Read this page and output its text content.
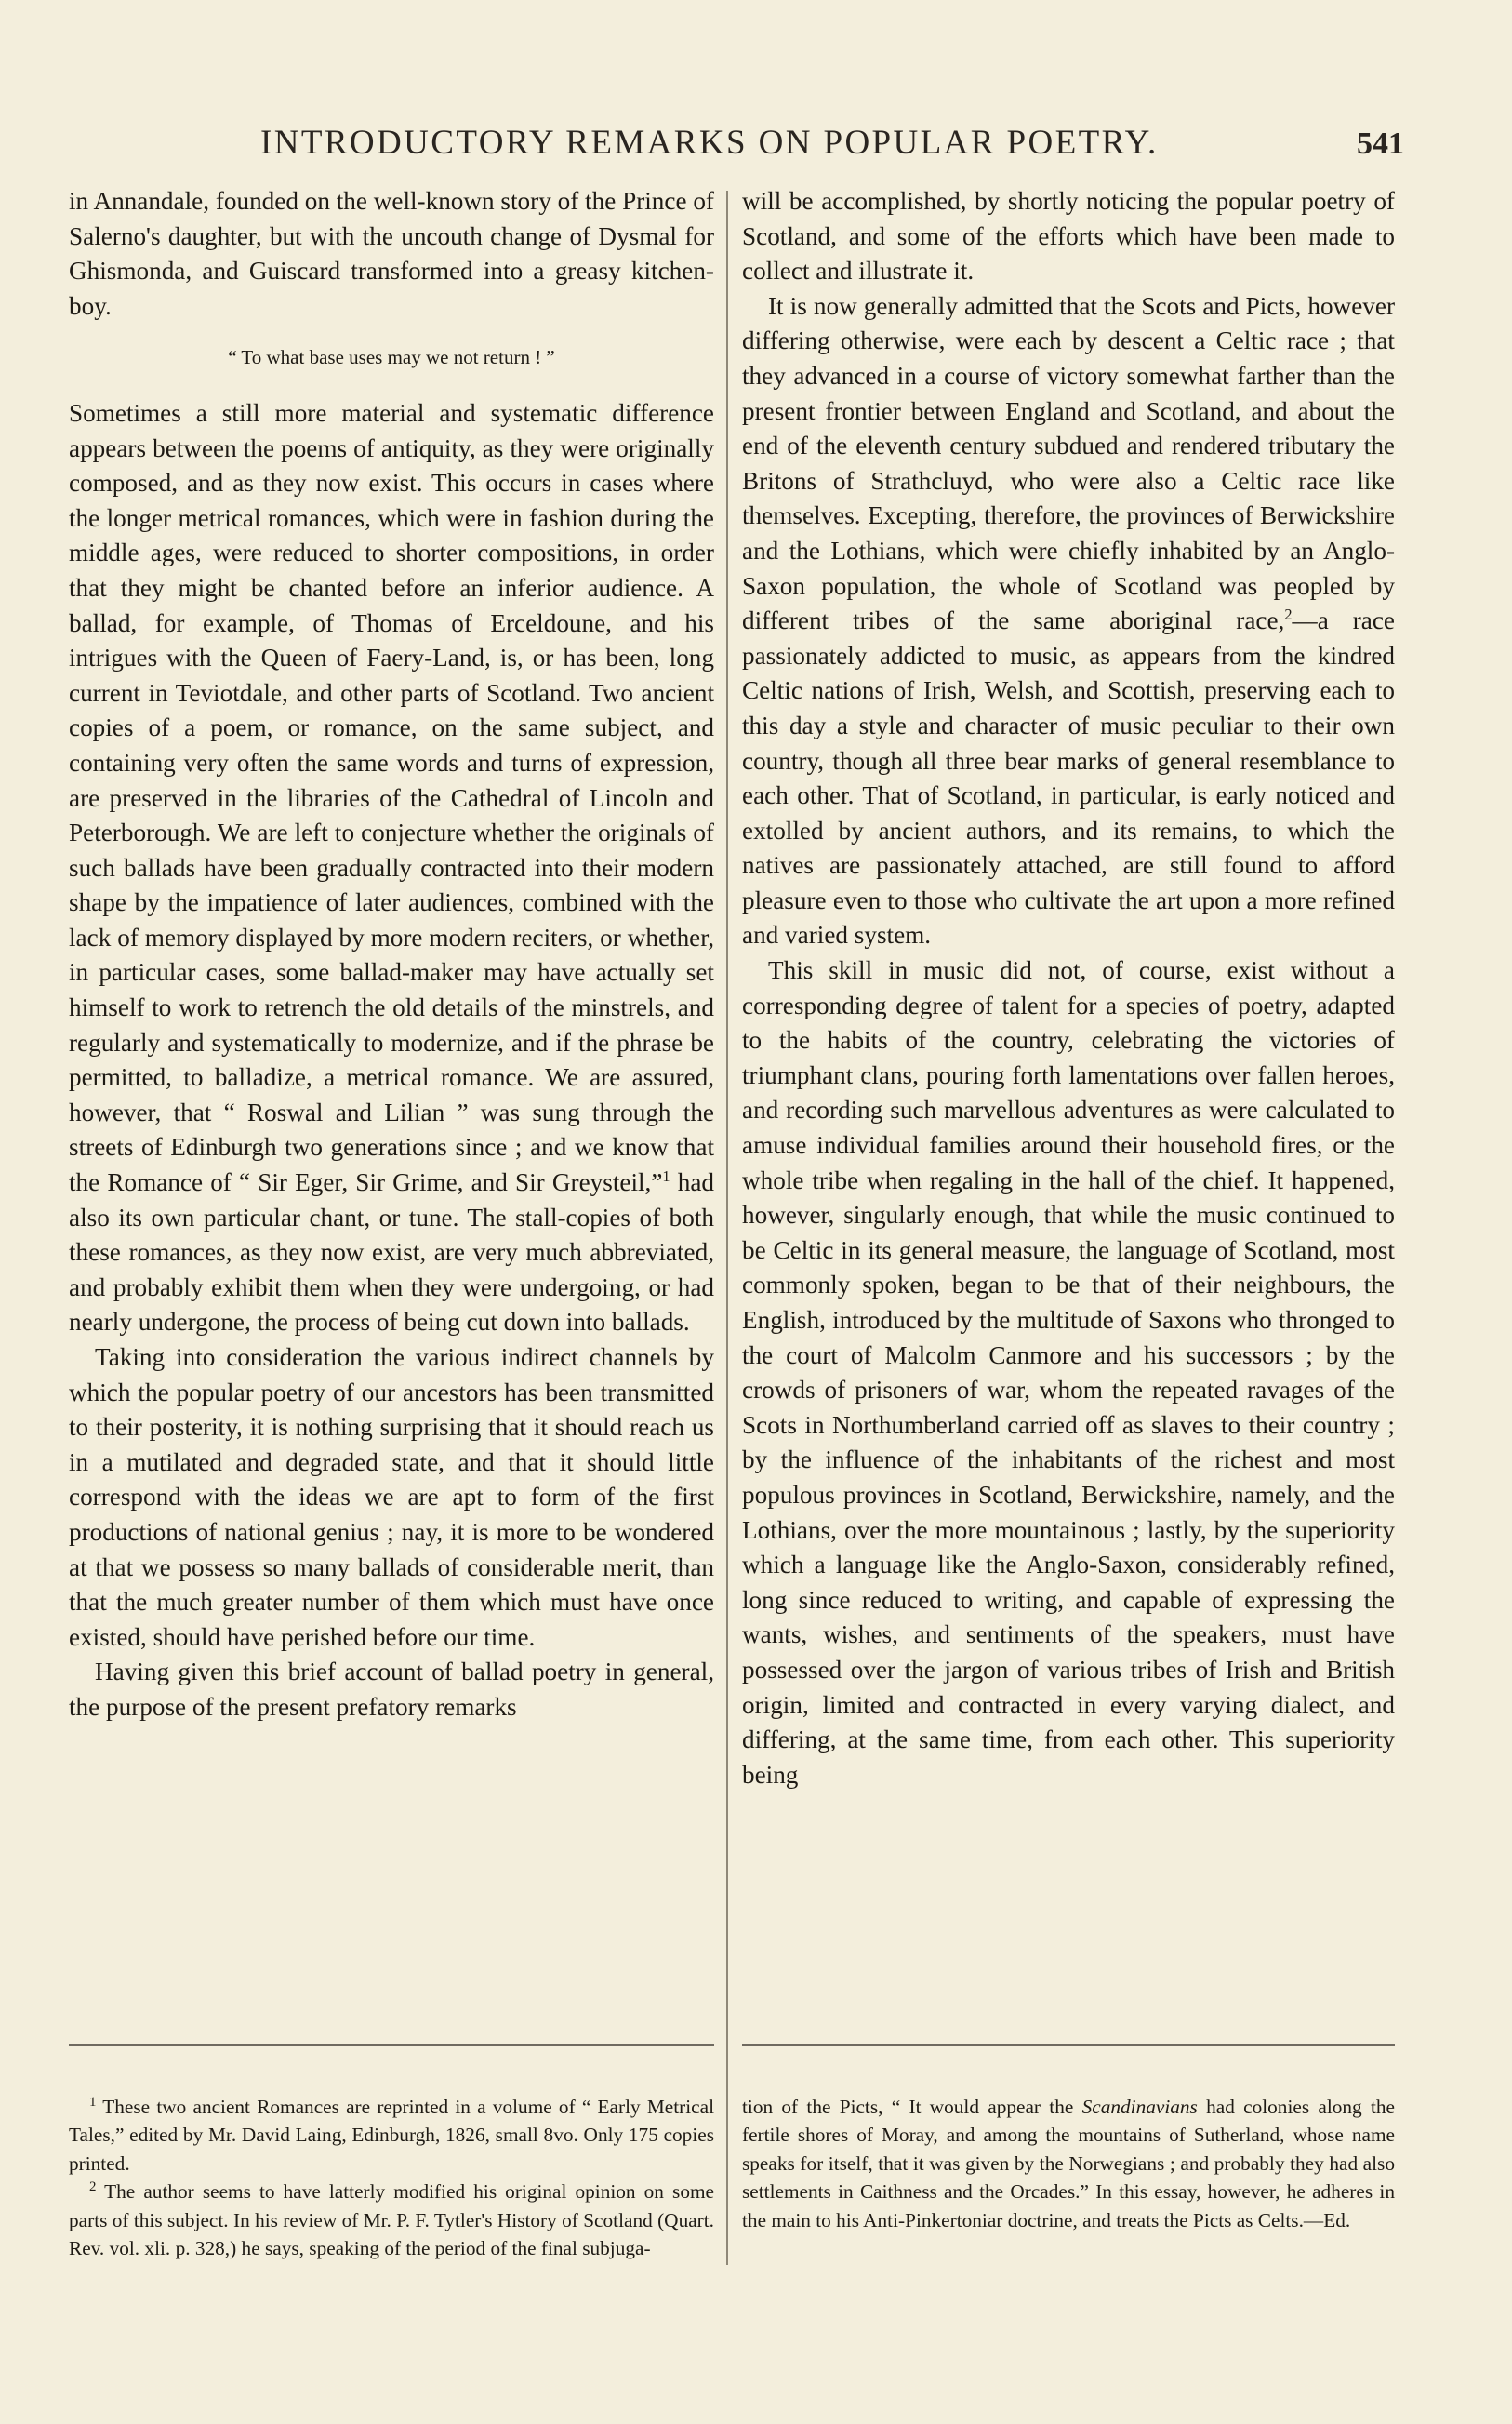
INTRODUCTORY REMARKS ON POPULAR POETRY.	541

in Annandale, founded on the well-known story of the Prince of Salerno's daughter, but with the uncouth change of Dysmal for Ghismonda, and Guiscard transformed into a greasy kitchen-boy.

“ To what base uses may we not return ! ”

Sometimes a still more material and systematic difference appears between the poems of antiquity, as they were originally composed, and as they now exist. This occurs in cases where the longer metrical romances, which were in fashion during the middle ages, were reduced to shorter compositions, in order that they might be chanted before an inferior audience. A ballad, for example, of Thomas of Erceldoune, and his intrigues with the Queen of Faery-Land, is, or has been, long current in Teviotdale, and other parts of Scotland. Two ancient copies of a poem, or romance, on the same subject, and containing very often the same words and turns of expression, are preserved in the libraries of the Cathedral of Lincoln and Peterborough. We are left to conjecture whether the originals of such ballads have been gradually contracted into their modern shape by the impatience of later audiences, combined with the lack of memory displayed by more modern reciters, or whether, in particular cases, some ballad-maker may have actually set himself to work to retrench the old details of the minstrels, and regularly and systematically to modernize, and if the phrase be permitted, to balladize, a metrical romance. We are assured, however, that “ Roswal and Lilian ” was sung through the streets of Edinburgh two generations since ; and we know that the Romance of “ Sir Eger, Sir Grime, and Sir Greysteil,”$^1$ had also its own particular chant, or tune. The stall-copies of both these romances, as they now exist, are very much abbreviated, and probably exhibit them when they were undergoing, or had nearly undergone, the process of being cut down into ballads.

Taking into consideration the various indirect channels by which the popular poetry of our ancestors has been transmitted to their posterity, it is nothing surprising that it should reach us in a mutilated and degraded state, and that it should little correspond with the ideas we are apt to form of the first productions of national genius ; nay, it is more to be wondered at that we possess so many ballads of considerable merit, than that the much greater number of them which must have once existed, should have perished before our time.

Having given this brief account of ballad poetry in general, the purpose of the present prefatory remarks

will be accomplished, by shortly noticing the popular poetry of Scotland, and some of the efforts which have been made to collect and illustrate it.

It is now generally admitted that the Scots and Picts, however differing otherwise, were each by descent a Celtic race ; that they advanced in a course of victory somewhat farther than the present frontier between England and Scotland, and about the end of the eleventh century subdued and rendered tributary the Britons of Strathcluyd, who were also a Celtic race like themselves. Excepting, therefore, the provinces of Berwickshire and the Lothians, which were chiefly inhabited by an Anglo-Saxon population, the whole of Scotland was peopled by different tribes of the same aboriginal race,$^2$—a race passionately addicted to music, as appears from the kindred Celtic nations of Irish, Welsh, and Scottish, preserving each to this day a style and character of music peculiar to their own country, though all three bear marks of general resemblance to each other. That of Scotland, in particular, is early noticed and extolled by ancient authors, and its remains, to which the natives are passionately attached, are still found to afford pleasure even to those who cultivate the art upon a more refined and varied system.

This skill in music did not, of course, exist without a corresponding degree of talent for a species of poetry, adapted to the habits of the country, celebrating the victories of triumphant clans, pouring forth lamentations over fallen heroes, and recording such marvellous adventures as were calculated to amuse individual families around their household fires, or the whole tribe when regaling in the hall of the chief. It happened, however, singularly enough, that while the music continued to be Celtic in its general measure, the language of Scotland, most commonly spoken, began to be that of their neighbours, the English, introduced by the multitude of Saxons who thronged to the court of Malcolm Canmore and his successors ; by the crowds of prisoners of war, whom the repeated ravages of the Scots in Northumberland carried off as slaves to their country ; by the influence of the inhabitants of the richest and most populous provinces in Scotland, Berwickshire, namely, and the Lothians, over the more mountainous ; lastly, by the superiority which a language like the Anglo-Saxon, considerably refined, long since reduced to writing, and capable of expressing the wants, wishes, and sentiments of the speakers, must have possessed over the jargon of various tribes of Irish and British origin, limited and contracted in every varying dialect, and differing, at the same time, from each other. This superiority being

$^1$ These two ancient Romances are reprinted in a volume of “ Early Metrical Tales,” edited by Mr. David Laing, Edinburgh, 1826, small 8vo. Only 175 copies printed.

$^2$ The author seems to have latterly modified his original opinion on some parts of this subject. In his review of Mr. P. F. Tytler's History of Scotland (Quart. Rev. vol. xli. p. 328,) he says, speaking of the period of the final subjuga-

tion of the Picts, “ It would appear the Scandinavians had colonies along the fertile shores of Moray, and among the mountains of Sutherland, whose name speaks for itself, that it was given by the Norwegians ; and probably they had also settlements in Caithness and the Orcades.” In this essay, however, he adheres in the main to his Anti-Pinkertoniar doctrine, and treats the Picts as Celts.—Ed.
